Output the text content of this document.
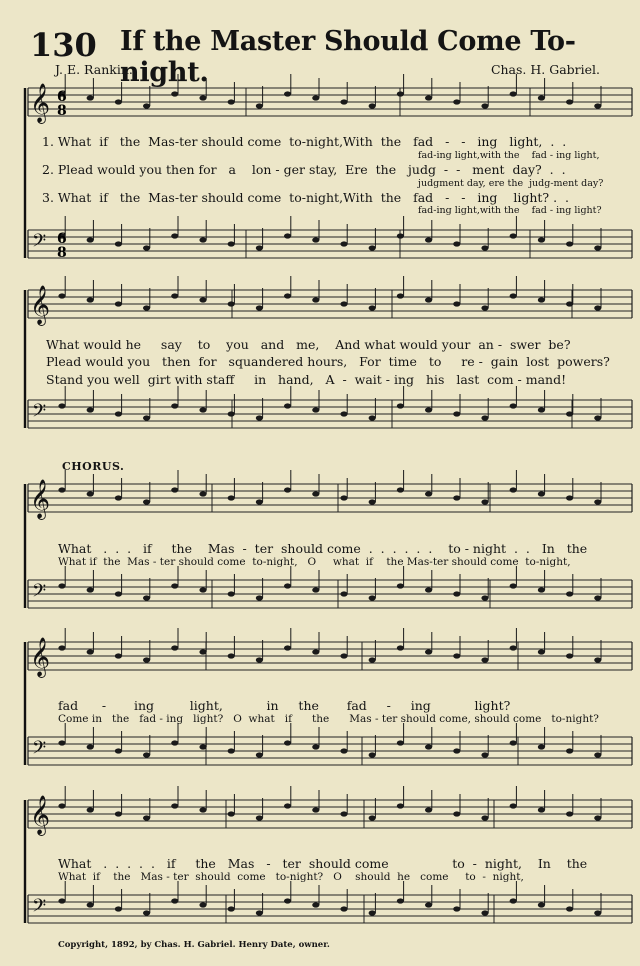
130 If the Master Should Come To-night.
J. E. Rankin.	Chas. H. Gabriel.
𝄞
𝄢
𝄞
𝄢
𝄞
𝄢
𝄞
𝄢
𝄞
𝄢
6
8
6
8
1. What  if   the  Mas-ter should come  to-night,With  the   fad   -   -   ing   light,  .  .
2. Plead would you then for   a    lon - ger stay,  Ere  the   judg  -  -   ment  day?  .  .
3. What  if   the  Mas-ter should come  to-night,With  the   fad   -   -   ing    light? .  .
fad-ing light,with the    fad - ing light,
judgment day, ere the  judg-ment day?
fad-ing light,with the    fad - ing light?
What would he     say    to    you   and   me,    And what would your  an -  swer  be?
Plead would you   then  for   squandered hours,   For  time   to     re -  gain  lost  powers?
Stand you well  girt with staff     in   hand,   A  -  wait - ing   his   last  com - mand!
CHORUS.
What   .  .  .   if     the    Mas  -  ter  should come  .  .  .  .  .  .    to - night  .  .   In   the
What if  the  Mas - ter should come  to-night,   O     what  if    the Mas-ter should come  to-night,
fad      -       ing         light,           in     the       fad     -     ing           light?
Come in   the   fad - ing   light?   O  what   if      the      Mas - ter should come, should come   to-night?
What   .  .  .  .  .   if     the   Mas   -   ter  should come                to  -  night,    In    the
What  if    the   Mas - ter  should  come   to-night?   O    should  he   come     to  -  night,
Copyright, 1892, by Chas. H. Gabriel. Henry Date, owner.
